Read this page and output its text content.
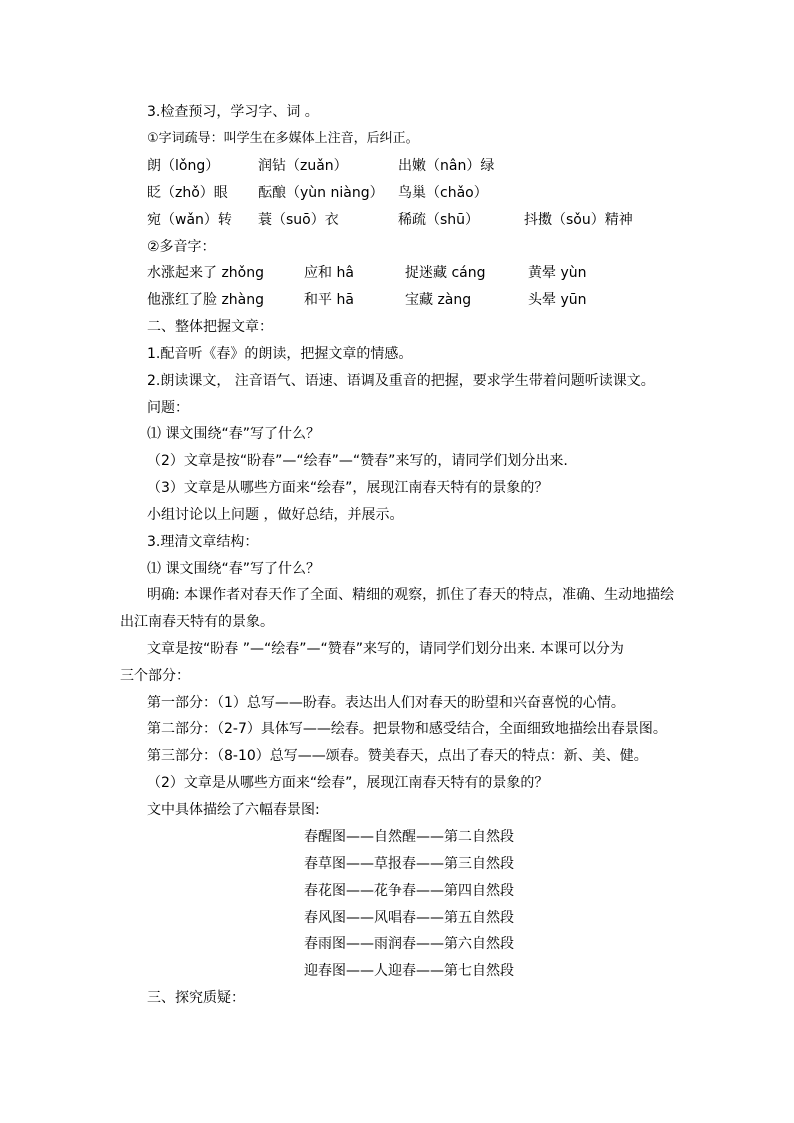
3.检查预习，学习字、词 。
①字词疏导：叫学生在多媒体上注音，后纠正。
朗（lǒng）	润钻（zuǎn）	出嫩（nân）绿
眨（zhǒ）眼 酝酿（yùn niàng） 鸟巢（chǎo）
宛（wǎn）转 蓑（suō）衣	稀疏（shū）	抖擞（sǒu）精神
②多音字：
水涨起来了 zhǒng	应和 hâ	捉迷藏 cáng	黄晕 yùn
他涨红了脸 zhàng	和平 hā	宝藏 zàng	头晕 yūn
二、整体把握文章：
1.配音听《春》的朗读，把握文章的情感。
2.朗读课文， 注音语气、语速、语调及重音的把握，要求学生带着问题听读课文。
问题：
⑴ 课文围绕“春”写了什么？
（2）文章是按“盼春”—“绘春”—“赞春”来写的，请同学们划分出来.
（3）文章是从哪些方面来“绘春”，展现江南春天特有的景象的？
小组讨论以上问题 ，做好总结，并展示。
3.理清文章结构：
⑴ 课文围绕“春”写了什么？
明确: 本课作者对春天作了全面、精细的观察，抓住了春天的特点，准确、生动地描绘
出江南春天特有的景象。
文章是按“盼春 ”—“绘春”—“赞春”来写的，请同学们划分出来. 本课可以分为
三个部分：
第一部分：（1）总写——盼春。表达出人们对春天的盼望和兴奋喜悦的心情。
第二部分：（2-7）具体写——绘春。把景物和感受结合，全面细致地描绘出春景图。
第三部分：（8-10）总写——颂春。赞美春天，点出了春天的特点：新、美、健。
（2）文章是从哪些方面来“绘春”，展现江南春天特有的景象的？
文中具体描绘了六幅春景图:
春醒图——自然醒——第二自然段
春草图——草报春——第三自然段
春花图——花争春——第四自然段
春风图——风唱春——第五自然段
春雨图——雨润春——第六自然段
迎春图——人迎春——第七自然段
三、探究质疑：
